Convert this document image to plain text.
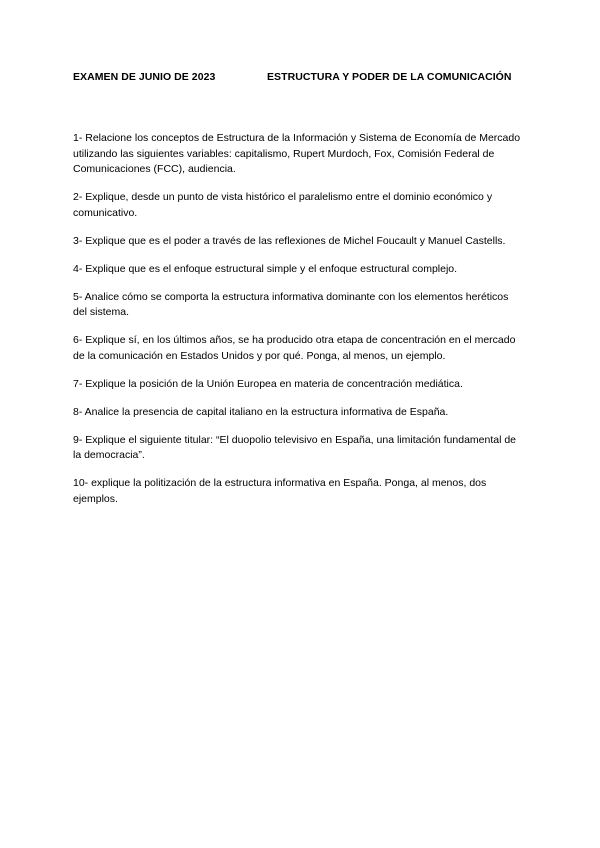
EXAMEN DE JUNIO DE 2023	ESTRUCTURA Y PODER DE LA COMUNICACIÓN

1- Relacione los conceptos de Estructura de la Información y Sistema de Economía de Mercado utilizando las siguientes variables: capitalismo, Rupert Murdoch, Fox, Comisión Federal de Comunicaciones (FCC), audiencia.

2- Explique, desde un punto de vista histórico el paralelismo entre el dominio económico y comunicativo.

3- Explique que es el poder a través de las reflexiones de Michel Foucault y Manuel Castells.

4- Explique que es el enfoque estructural simple y el enfoque estructural complejo.

5- Analice cómo se comporta la estructura informativa dominante con los elementos heréticos del sistema.

6- Explique sí, en los últimos años, se ha producido otra etapa de concentración en el mercado de la comunicación en Estados Unidos y por qué. Ponga, al menos, un ejemplo.

7- Explique la posición de la Unión Europea en materia de concentración mediática.

8- Analice la presencia de capital italiano en la estructura informativa de España.

9- Explique el siguiente titular: “El duopolio televisivo en España, una limitación fundamental de la democracia”.

10- explique la politización de la estructura informativa en España. Ponga, al menos, dos ejemplos.
